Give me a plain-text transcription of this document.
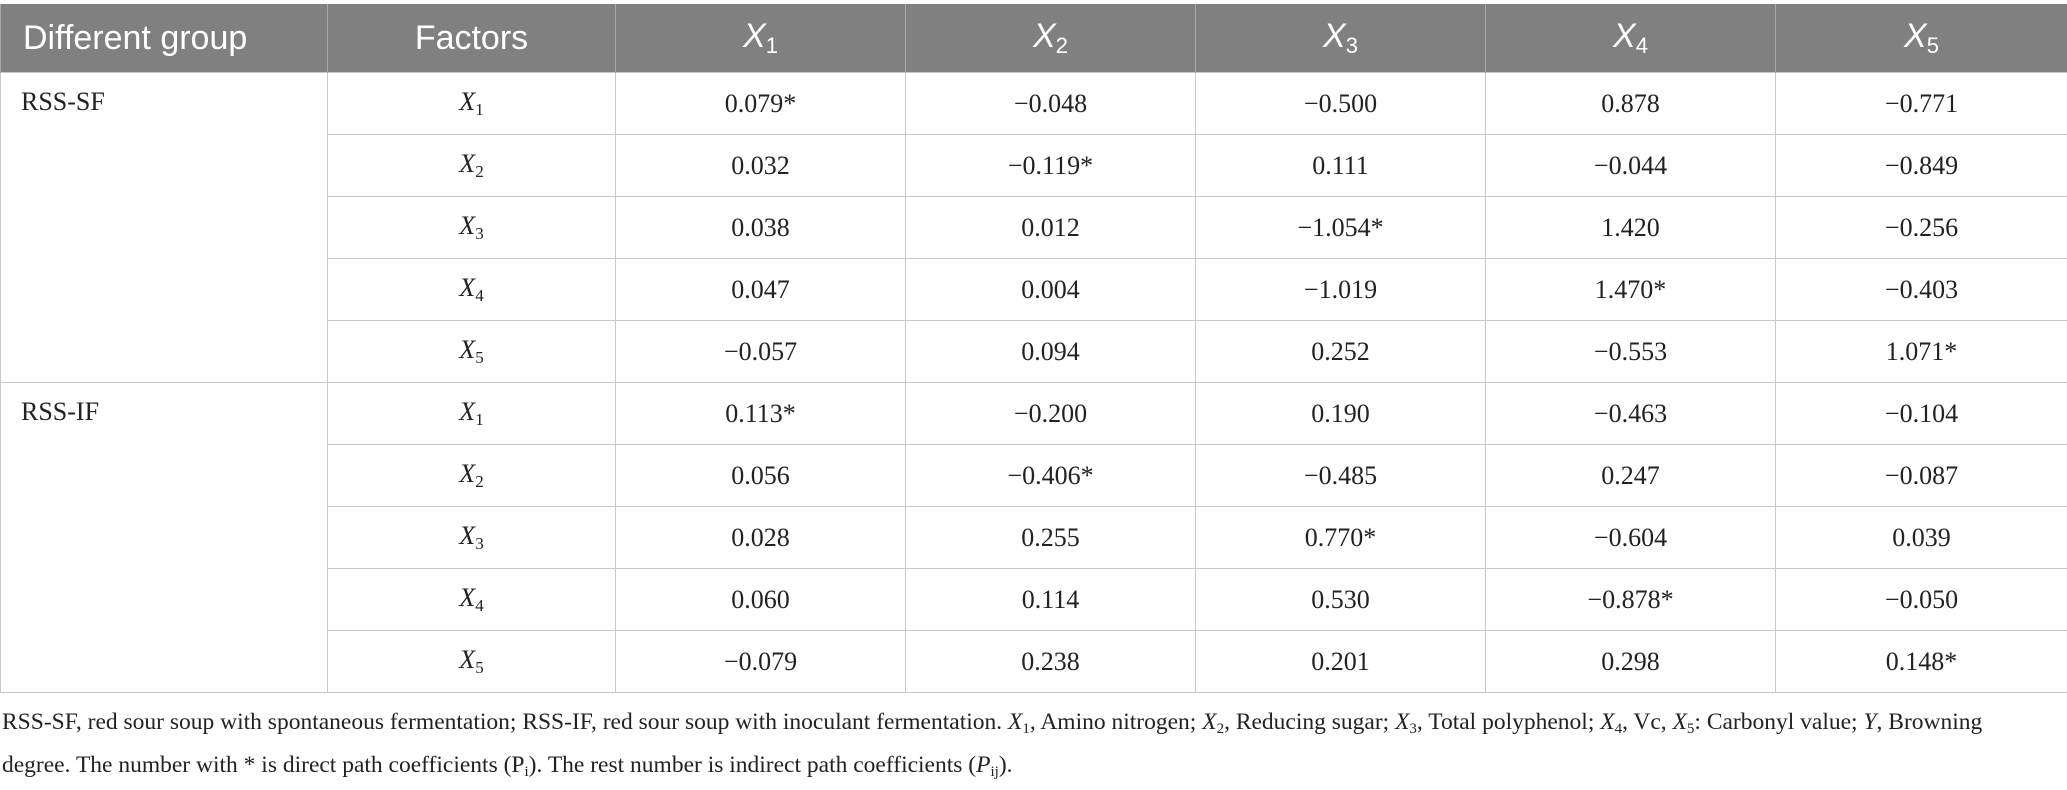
Different group	Factors	$X_1$	$X_2$	$X_3$	$X_4$	$X_5$
RSS-SF	$X_1$	0.079*	−0.048	−0.500	0.878	−0.771
	$X_2$	0.032	−0.119*	0.111	−0.044	−0.849
	$X_3$	0.038	0.012	−1.054*	1.420	−0.256
	$X_4$	0.047	0.004	−1.019	1.470*	−0.403
	$X_5$	−0.057	0.094	0.252	−0.553	1.071*
RSS-IF	$X_1$	0.113*	−0.200	0.190	−0.463	−0.104
	$X_2$	0.056	−0.406*	−0.485	0.247	−0.087
	$X_3$	0.028	0.255	0.770*	−0.604	0.039
	$X_4$	0.060	0.114	0.530	−0.878*	−0.050
	$X_5$	−0.079	0.238	0.201	0.298	0.148*
RSS-SF, red sour soup with spontaneous fermentation; RSS-IF, red sour soup with inoculant fermentation. $X_1$, Amino nitrogen; $X_2$, Reducing sugar; $X_3$, Total polyphenol; $X_4$, Vc, $X_5$: Carbonyl value; Y, Browning degree. The number with * is direct path coefficients $(P_i)$. The rest number is indirect path coefficients $(P_{ij})$.
